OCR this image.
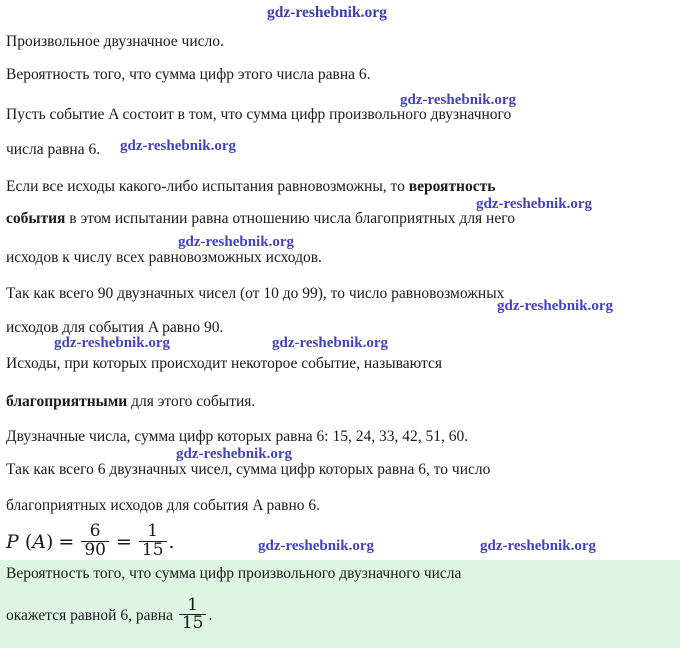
Произвольное двузначное число.
Вероятность того, что сумма цифр этого числа равна 6.
Пусть событие A состоит в том, что сумма цифр произвольного двузначного
числа равна 6.
Если все исходы какого-либо испытания равновозможны, то вероятность
события в этом испытании равна отношению числа благоприятных для него
исходов к числу всех равновозможных исходов.
Так как всего 90 двузначных чисел (от 10 до 99), то число равновозможных
исходов для события A равно 90.
Исходы, при которых происходит некоторое событие, называются
благоприятными для этого события.
Двузначные числа, сумма цифр которых равна 6: 15, 24, 33, 42, 51, 60.
Так как всего 6 двузначных чисел, сумма цифр которых равна 6, то число
благоприятных исходов для события A равно 6.
P ( A ) = $\frac{6}{90} = \frac{1}{15}$ .
Вероятность того, что сумма цифр произвольного двузначного числа
окажется равной 6, равна $\frac{1}{15}$ .
gdz-reshebnik.org
gdz-reshebnik.org
gdz-reshebnik.org
gdz-reshebnik.org
gdz-reshebnik.org
gdz-reshebnik.org
gdz-reshebnik.org	gdz-reshebnik.org
gdz-reshebnik.org
gdz-reshebnik.org	gdz-reshebnik.org
